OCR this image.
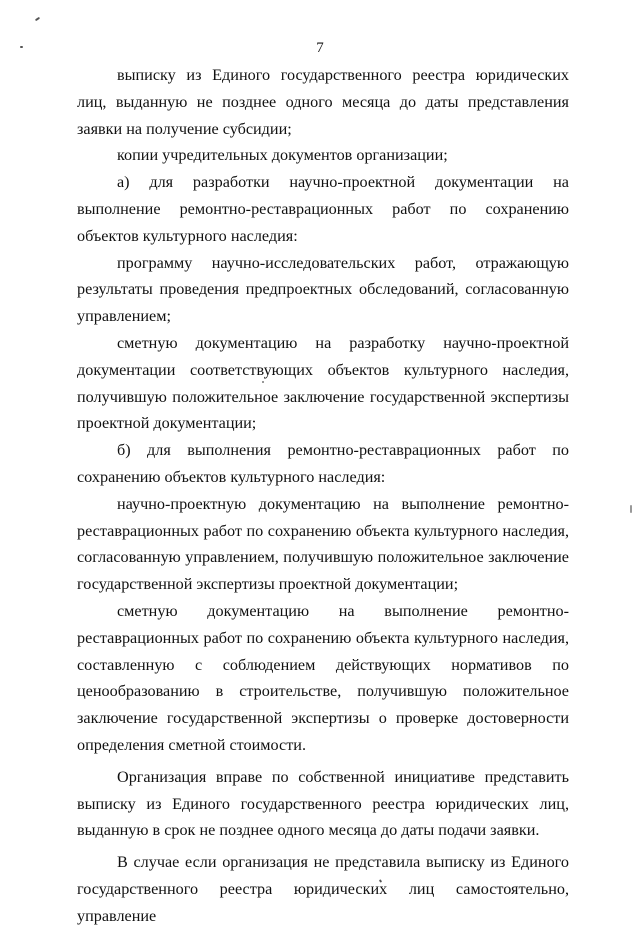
7

выписку из Единого государственного реестра юридических лиц, выданную не позднее одного месяца до даты представления заявки на получение субсидии;

копии учредительных документов организации;

а) для разработки научно-проектной документации на выполнение ремонтно-реставрационных работ по сохранению объектов культурного наследия:

программу научно-исследовательских работ, отражающую результаты проведения предпроектных обследований, согласованную управлением;

сметную документацию на разработку научно-проектной документации соответствующих объектов культурного наследия, получившую положительное заключение государственной экспертизы проектной документации;

б) для выполнения ремонтно-реставрационных работ по сохранению объектов культурного наследия:

научно-проектную документацию на выполнение ремонтно-реставрационных работ по сохранению объекта культурного наследия, согласованную управлением, получившую положительное заключение государственной экспертизы проектной документации;

сметную документацию на выполнение ремонтно-реставрационных работ по сохранению объекта культурного наследия, составленную с соблюдением действующих нормативов по ценообразованию в строительстве, получившую положительное заключение государственной экспертизы о проверке достоверности определения сметной стоимости.

Организация вправе по собственной инициативе представить выписку из Единого государственного реестра юридических лиц, выданную в срок не позднее одного месяца до даты подачи заявки.

В случае если организация не представила выписку из Единого государственного реестра юридических лиц самостоятельно, управление
